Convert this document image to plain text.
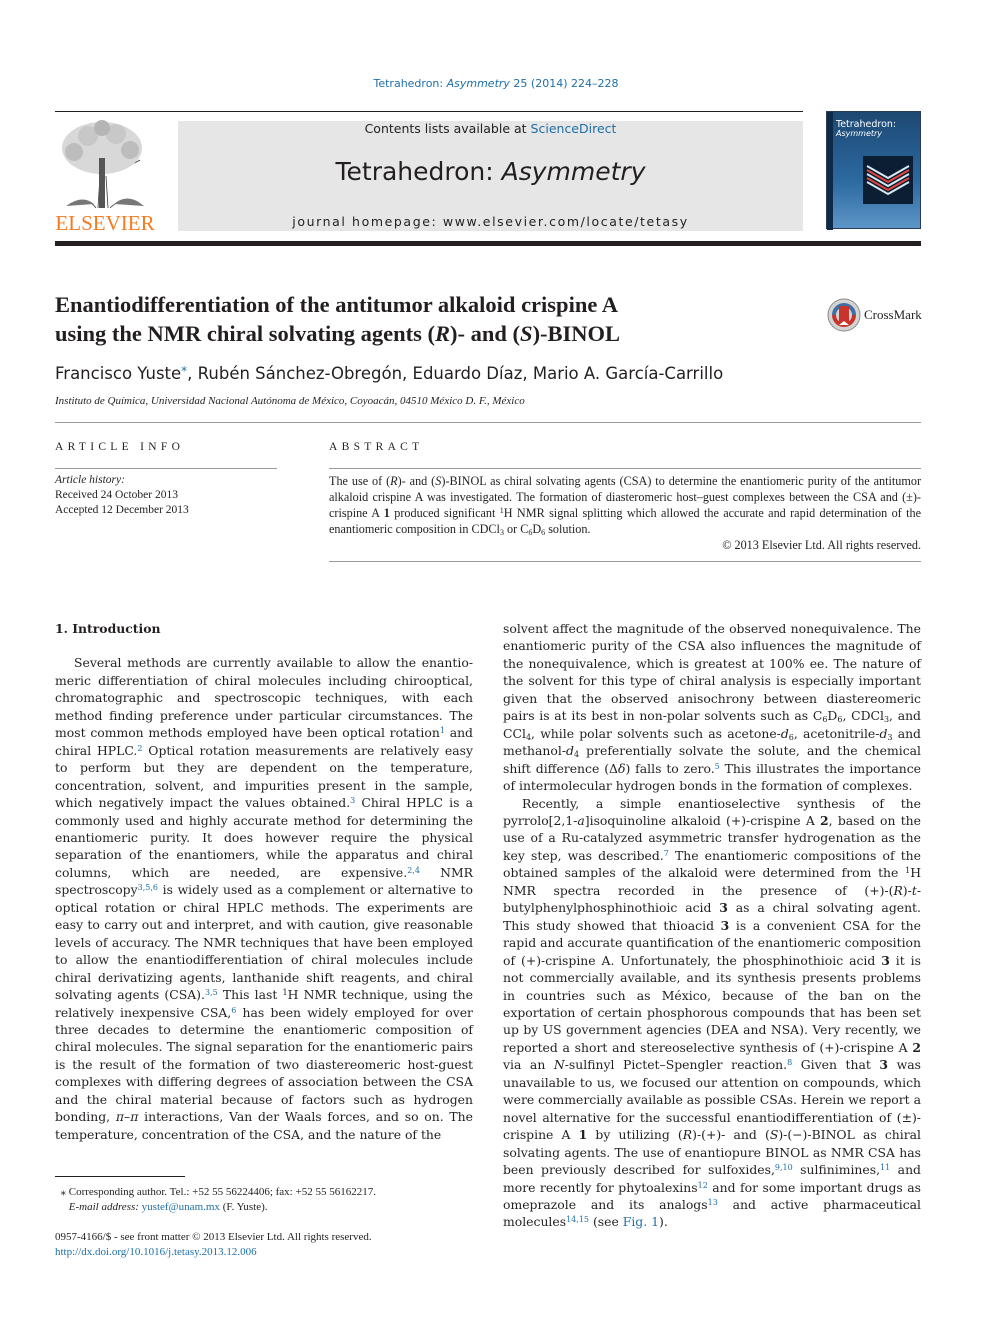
Tetrahedron: Asymmetry 25 (2014) 224–228
ELSEVIER
Contents lists available at ScienceDirect
Tetrahedron: Asymmetry
journal homepage: www.elsevier.com/locate/tetasy
Tetrahedron:
Asymmetry
Enantiodifferentiation of the antitumor alkaloid crispine A
using the NMR chiral solvating agents (R)- and (S)-BINOL
CrossMark
Francisco Yuste*, Rubén Sánchez-Obregón, Eduardo Díaz, Mario A. García-Carrillo
Instituto de Química, Universidad Nacional Autónoma de México, Coyoacán, 04510 México D. F., México
ARTICLE INFO	ABSTRACT
Article history:
Received 24 October 2013
Accepted 12 December 2013

The use of (R)- and (S)-BINOL as chiral solvating agents (CSA) to determine the enantiomeric purity of the antitumor alkaloid crispine A was investigated. The formation of diasteromeric host–guest complexes between the CSA and (±)-crispine A 1 produced significant $^1$H NMR signal splitting which allowed the accurate and rapid determination of the enantiomeric composition in CDCl$_3$ or $C_6D_6$ solution.

© 2013 Elsevier Ltd. All rights reserved.

1. Introduction

Several methods are currently available to allow the enantiomeric differentiation of chiral molecules including chirooptical, chromatographic and spectroscopic techniques, with each method finding preference under particular circumstances. The most common methods employed have been optical rotation$^1$ and chiral HPLC.$^2$ Optical rotation measurements are relatively easy to perform but they are dependent on the temperature, concentration, solvent, and impurities present in the sample, which negatively impact the values obtained.$^3$ Chiral HPLC is a commonly used and highly accurate method for determining the enantiomeric purity. It does however require the physical separation of the enantiomers, while the apparatus and chiral columns, which are needed, are expensive.$^{2,4}$ NMR spectroscopy$^{3,5,6}$ is widely used as a complement or alternative to optical rotation or chiral HPLC methods. The experiments are easy to carry out and interpret, and with caution, give reasonable levels of accuracy. The NMR techniques that have been employed to allow the enantiodifferentiation of chiral molecules include chiral derivatizing agents, lanthanide shift reagents, and chiral solvating agents (CSA).$^{3,5}$ This last $^1$H NMR technique, using the relatively inexpensive CSA,$^6$ has been widely employed for over three decades to determine the enantiomeric composition of chiral molecules. The signal separation for the enantiomeric pairs is the result of the formation of two diastereomeric host-guest complexes with differing degrees of association between the CSA and the chiral material because of factors such as hydrogen bonding, π–π interactions, Van der Waals forces, and so on. The temperature, concentration of the CSA, and the nature of the

solvent affect the magnitude of the observed nonequivalence. The enantiomeric purity of the CSA also influences the magnitude of the nonequivalence, which is greatest at 100% ee. The nature of the solvent for this type of chiral analysis is especially important given that the observed anisochrony between diastereomeric pairs is at its best in non-polar solvents such as $C_6D_6$, CDCl$_3$, and CCl$_4$, while polar solvents such as acetone-$d_6$, acetonitrile-$d_3$ and methanol-$d_4$ preferentially solvate the solute, and the chemical shift difference (Δδ) falls to zero.$^5$ This illustrates the importance of intermolecular hydrogen bonds in the formation of complexes.

Recently, a simple enantioselective synthesis of the pyrrolo[2,1-a]isoquinoline alkaloid (+)-crispine A 2, based on the use of a Ru-catalyzed asymmetric transfer hydrogenation as the key step, was described.$^7$ The enantiomeric compositions of the obtained samples of the alkaloid were determined from the $^1$H NMR spectra recorded in the presence of (+)-(R)-t-butylphenylphosphinothioic acid 3 as a chiral solvating agent. This study showed that thioacid 3 is a convenient CSA for the rapid and accurate quantification of the enantiomeric composition of (+)-crispine A. Unfortunately, the phosphinothioic acid 3 it is not commercially available, and its synthesis presents problems in countries such as México, because of the ban on the exportation of certain phosphorous compounds that has been set up by US government agencies (DEA and NSA). Very recently, we reported a short and stereoselective synthesis of (+)-crispine A 2 via an N-sulfinyl Pictet–Spengler reaction.$^8$ Given that 3 was unavailable to us, we focused our attention on compounds, which were commercially available as possible CSAs. Herein we report a novel alternative for the successful enantiodifferentiation of (±)-crispine A 1 by utilizing (R)-(+)- and (S)-(−)-BINOL as chiral solvating agents. The use of enantiopure BINOL as NMR CSA has been previously described for sulfoxides,$^{9,10}$ sulfinimines,$^{11}$ and more recently for phytoalexins$^{12}$ and for some important drugs as omeprazole and its analogs$^{13}$ and active pharmaceutical molecules$^{14,15}$ (see Fig. 1).

⁎ Corresponding author. Tel.: +52 55 56224406; fax: +52 55 56162217.
E-mail address: yustef@unam.mx (F. Yuste).
0957-4166/$ - see front matter © 2013 Elsevier Ltd. All rights reserved.
http://dx.doi.org/10.1016/j.tetasy.2013.12.006
